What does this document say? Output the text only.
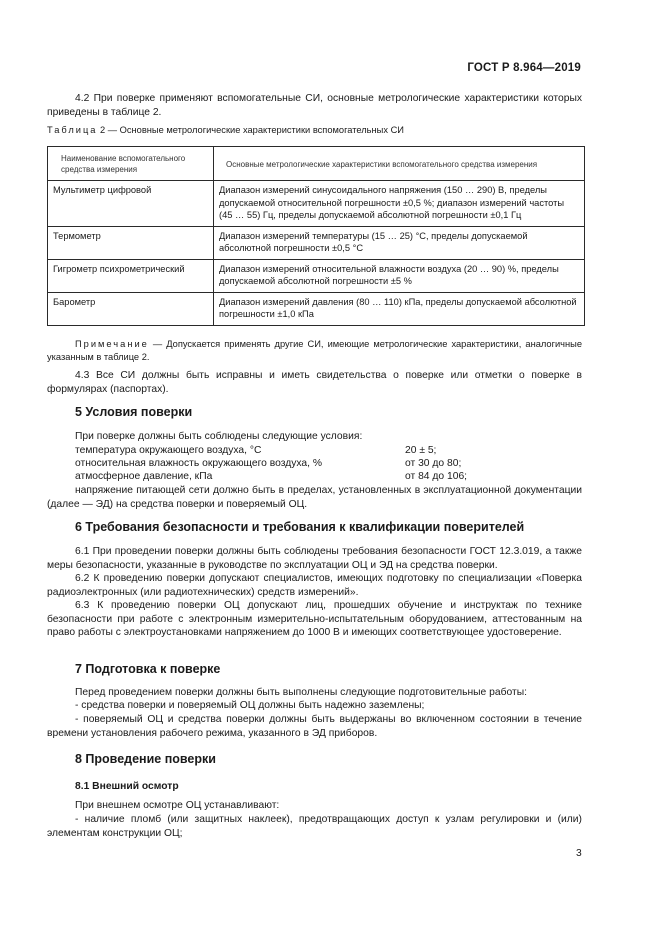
ГОСТ Р 8.964—2019
4.2 При поверке применяют вспомогательные СИ, основные метрологические характеристики которых приведены в таблице 2.
Таблица 2 — Основные метрологические характеристики вспомогательных СИ
Наименование вспомогательного средства измерения	Основные метрологические характеристики вспомогательного средства измерения
Мультиметр цифровой	Диапазон измерений синусоидального напряжения (150 … 290) В, пределы допускаемой относительной погрешности ±0,5 %; диапазон измерений частоты (45 … 55) Гц, пределы допускаемой абсолютной погрешности ±0,1 Гц
Термометр	Диапазон измерений температуры (15 … 25) °C, пределы допускаемой абсолютной погрешности ±0,5 °C
Гигрометр психрометрический	Диапазон измерений относительной влажности воздуха (20 … 90) %, пределы допускаемой абсолютной погрешности ±5 %
Барометр	Диапазон измерений давления (80 … 110) кПа, пределы допускаемой абсолютной погрешности ±1,0 кПа
Примечание — Допускается применять другие СИ, имеющие метрологические характеристики, аналогичные указанным в таблице 2.
4.3 Все СИ должны быть исправны и иметь свидетельства о поверке или отметки о поверке в формулярах (паспортах).
5 Условия поверки
При поверке должны быть соблюдены следующие условия:
температура окружающего воздуха, °C	20 ± 5;
относительная влажность окружающего воздуха, %	от 30 до 80;
атмосферное давление, кПа	от 84 до 106;
напряжение питающей сети должно быть в пределах, установленных в эксплуатационной документации (далее — ЭД) на средства поверки и поверяемый ОЦ.
6 Требования безопасности и требования к квалификации поверителей
6.1 При проведении поверки должны быть соблюдены требования безопасности ГОСТ 12.3.019, а также меры безопасности, указанные в руководстве по эксплуатации ОЦ и ЭД на средства поверки.
6.2 К проведению поверки допускают специалистов, имеющих подготовку по специализации «Поверка радиоэлектронных (или радиотехнических) средств измерений».
6.3 К проведению поверки ОЦ допускают лиц, прошедших обучение и инструктаж по технике безопасности при работе с электронным измерительно-испытательным оборудованием, аттестованным на право работы с электроустановками напряжением до 1000 В и имеющих соответствующее удостоверение.
7 Подготовка к поверке
Перед проведением поверки должны быть выполнены следующие подготовительные работы:
- средства поверки и поверяемый ОЦ должны быть надежно заземлены;
- поверяемый ОЦ и средства поверки должны быть выдержаны во включенном состоянии в течение времени установления рабочего режима, указанного в ЭД приборов.
8 Проведение поверки
8.1 Внешний осмотр
При внешнем осмотре ОЦ устанавливают:
- наличие пломб (или защитных наклеек), предотвращающих доступ к узлам регулировки и (или) элементам конструкции ОЦ;
3
